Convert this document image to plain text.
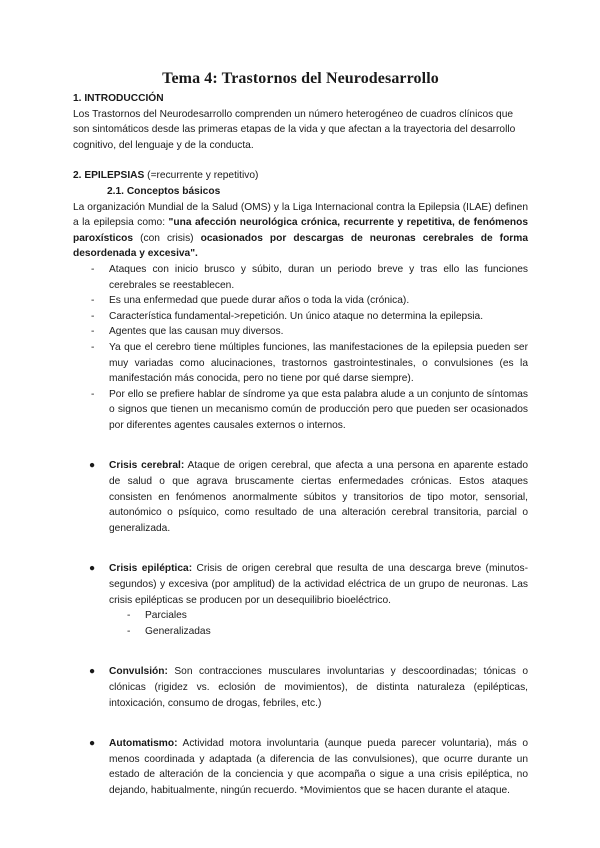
Tema 4: Trastornos del Neurodesarrollo
1. INTRODUCCIÓN

Los Trastornos del Neurodesarrollo comprenden un número heterogéneo de cuadros clínicos que son sintomáticos desde las primeras etapas de la vida y que afectan a la trayectoria del desarrollo cognitivo, del lenguaje y de la conducta.

2. EPILEPSIAS (=recurrente y repetitivo)
2.1. Conceptos básicos

La organización Mundial de la Salud (OMS) y la Liga Internacional contra la Epilepsia (ILAE) definen a la epilepsia como: "una afección neurológica crónica, recurrente y repetitiva, de fenómenos paroxísticos (con crisis) ocasionados por descargas de neuronas cerebrales de forma desordenada y excesiva".

- Ataques con inicio brusco y súbito, duran un periodo breve y tras ello las funciones cerebrales se reestablecen.
- Es una enfermedad que puede durar años o toda la vida (crónica).
- Característica fundamental->repetición. Un único ataque no determina la epilepsia.
- Agentes que las causan muy diversos.
- Ya que el cerebro tiene múltiples funciones, las manifestaciones de la epilepsia pueden ser muy variadas como alucinaciones, trastornos gastrointestinales, o convulsiones (es la manifestación más conocida, pero no tiene por qué darse siempre).
- Por ello se prefiere hablar de síndrome ya que esta palabra alude a un conjunto de síntomas o signos que tienen un mecanismo común de producción pero que pueden ser ocasionados por diferentes agentes causales externos o internos.
● Crisis cerebral: Ataque de origen cerebral, que afecta a una persona en aparente estado de salud o que agrava bruscamente ciertas enfermedades crónicas. Estos ataques consisten en fenómenos anormalmente súbitos y transitorios de tipo motor, sensorial, autonómico o psíquico, como resultado de una alteración cerebral transitoria, parcial o generalizada.
● Crisis epiléptica: Crisis de origen cerebral que resulta de una descarga breve (minutos-segundos) y excesiva (por amplitud) de la actividad eléctrica de un grupo de neuronas. Las crisis epilépticas se producen por un desequilibrio bioeléctrico.
- Parciales
- Generalizadas
● Convulsión: Son contracciones musculares involuntarias y descoordinadas; tónicas o clónicas (rigidez vs. eclosión de movimientos), de distinta naturaleza (epilépticas, intoxicación, consumo de drogas, febriles, etc.)
● Automatismo: Actividad motora involuntaria (aunque pueda parecer voluntaria), más o menos coordinada y adaptada (a diferencia de las convulsiones), que ocurre durante un estado de alteración de la conciencia y que acompaña o sigue a una crisis epiléptica, no dejando, habitualmente, ningún recuerdo. *Movimientos que se hacen durante el ataque.
